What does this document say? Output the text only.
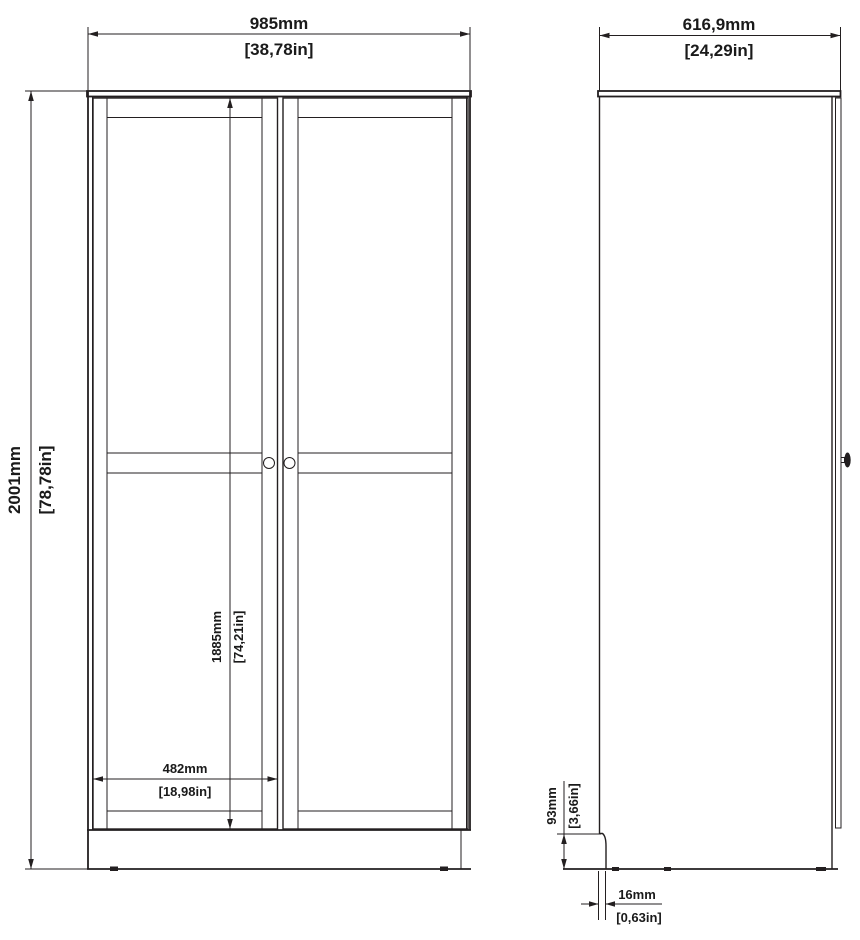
985mm
[38,78in]
2001mm [78,78in]
1885mm [74,21in]
482mm
[18,98in]
616,9mm
[24,29in]
93mm [3,66in]
16mm
[0,63in]
